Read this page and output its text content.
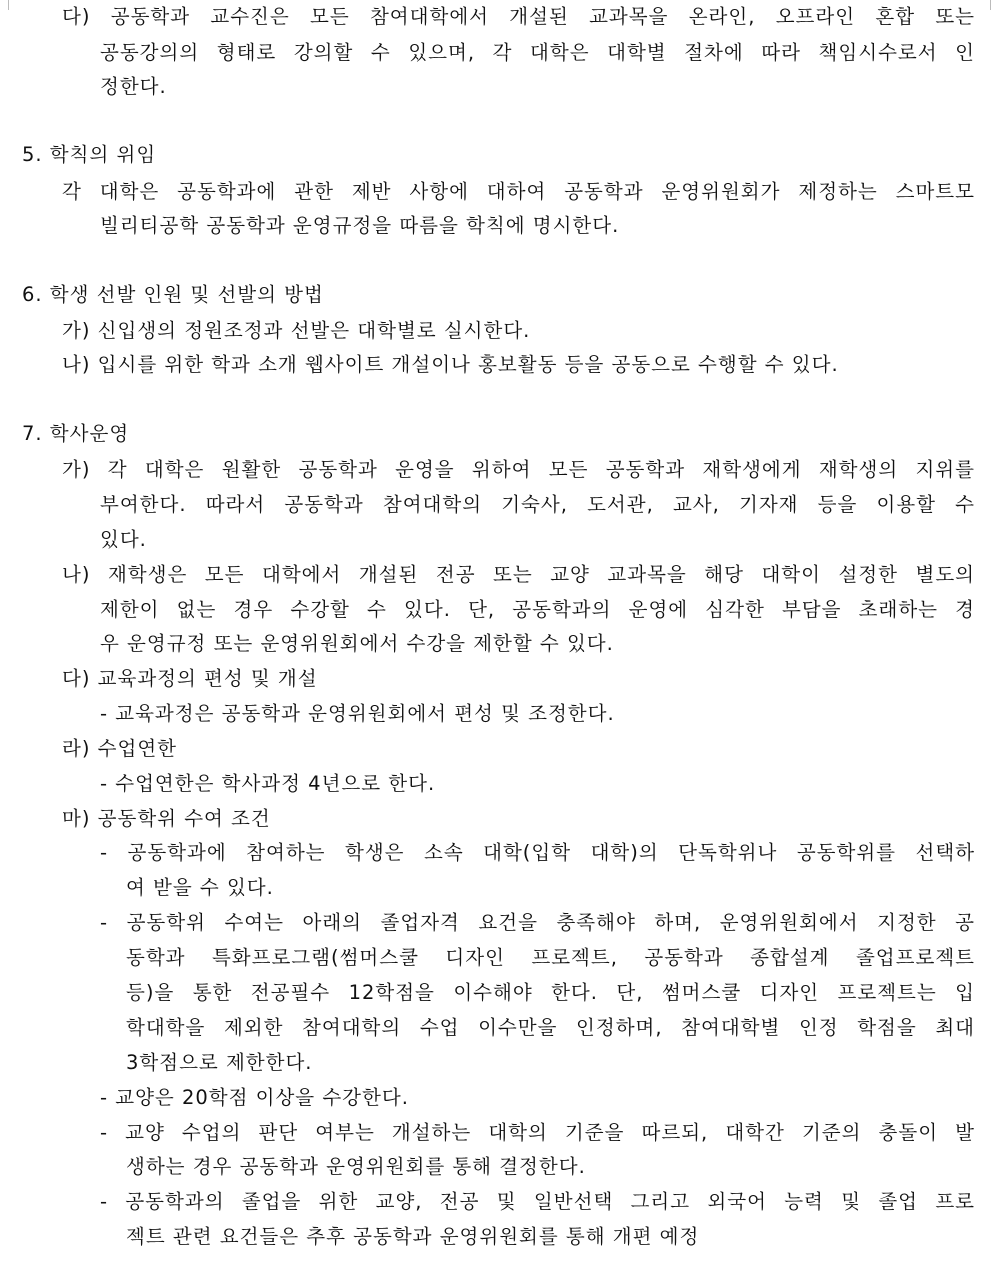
다) 공동학과 교수진은 모든 참여대학에서 개설된 교과목을 온라인, 오프라인 혼합 또는
공동강의의 형태로 강의할 수 있으며, 각 대학은 대학별 절차에 따라 책임시수로서 인
정한다.
5. 학칙의 위임
각 대학은 공동학과에 관한 제반 사항에 대하여 공동학과 운영위원회가 제정하는 스마트모
빌리티공학 공동학과 운영규정을 따름을 학칙에 명시한다.
6. 학생 선발 인원 및 선발의 방법
가) 신입생의 정원조정과 선발은 대학별로 실시한다.
나) 입시를 위한 학과 소개 웹사이트 개설이나 홍보활동 등을 공동으로 수행할 수 있다.
7. 학사운영
가) 각 대학은 원활한 공동학과 운영을 위하여 모든 공동학과 재학생에게 재학생의 지위를
부여한다. 따라서 공동학과 참여대학의 기숙사, 도서관, 교사, 기자재 등을 이용할 수
있다.
나) 재학생은 모든 대학에서 개설된 전공 또는 교양 교과목을 해당 대학이 설정한 별도의
제한이 없는 경우 수강할 수 있다. 단, 공동학과의 운영에 심각한 부담을 초래하는 경
우 운영규정 또는 운영위원회에서 수강을 제한할 수 있다.
다) 교육과정의 편성 및 개설
- 교육과정은 공동학과 운영위원회에서 편성 및 조정한다.
라) 수업연한
- 수업연한은 학사과정 4년으로 한다.
마) 공동학위 수여 조건
- 공동학과에 참여하는 학생은 소속 대학(입학 대학)의 단독학위나 공동학위를 선택하
여 받을 수 있다.
- 공동학위 수여는 아래의 졸업자격 요건을 충족해야 하며, 운영위원회에서 지정한 공
동학과 특화프로그램(썸머스쿨 디자인 프로젝트, 공동학과 종합설계 졸업프로젝트
등)을 통한 전공필수 12학점을 이수해야 한다. 단, 썸머스쿨 디자인 프로젝트는 입
학대학을 제외한 참여대학의 수업 이수만을 인정하며, 참여대학별 인정 학점을 최대
3학점으로 제한한다.
- 교양은 20학점 이상을 수강한다.
- 교양 수업의 판단 여부는 개설하는 대학의 기준을 따르되, 대학간 기준의 충돌이 발
생하는 경우 공동학과 운영위원회를 통해 결정한다.
- 공동학과의 졸업을 위한 교양, 전공 및 일반선택 그리고 외국어 능력 및 졸업 프로
젝트 관련 요건들은 추후 공동학과 운영위원회를 통해 개편 예정
